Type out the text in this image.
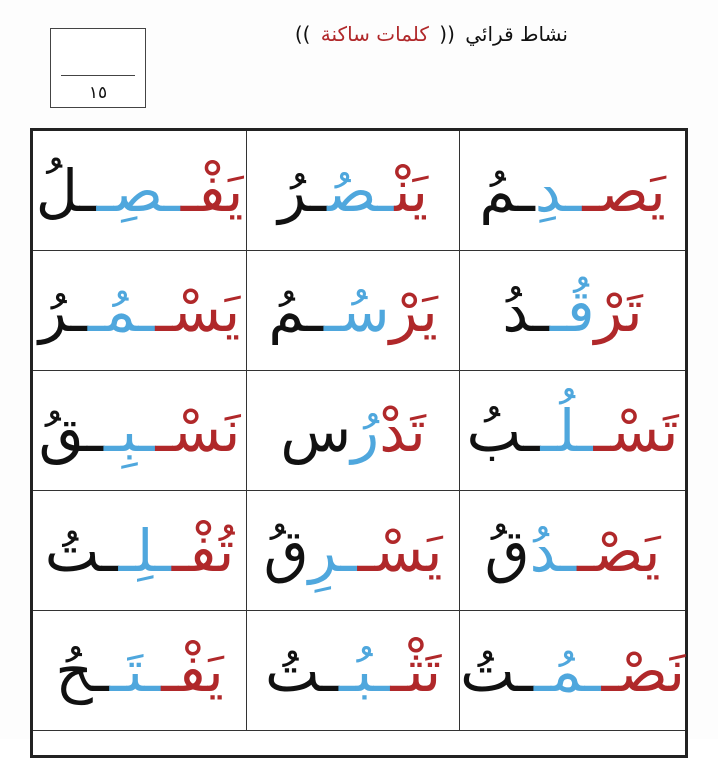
نشاط قرائي (( كلمات ساكنة ))
١٥
يَصــدِـمُ
يَنْـصُـرُ
يَفْــصِــلُ
تَرْقُــدُ
يَرْسُــمُ
يَسْــمُــرُ
تَسْــلُــبُ
تَدْرُس
نَسْــبِــقُ
يَصْــدُقُ
يَسْــرِقُ
تُفْــلِــتُ
نَصْــمُــتُ
تَثْــبُــتُ
يَفْــتَــحُ
